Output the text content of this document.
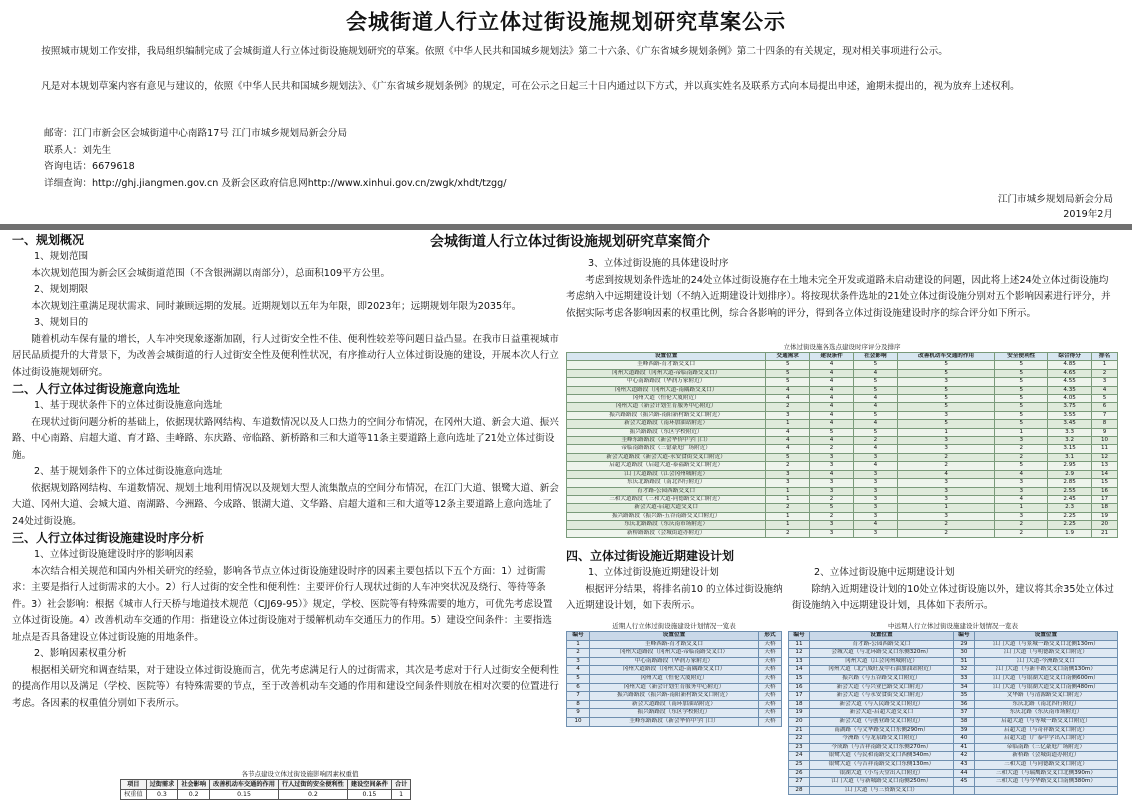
会城街道人行立体过街设施规划研究草案公示
按照城市规划工作安排，我局组织编制完成了会城街道人行立体过街设施规划研究的草案。依照《中华人民共和国城乡规划法》第二十六条、《广东省城乡规划条例》第二十四条的有关规定，现对相关事项进行公示。
凡是对本规划草案内容有意见与建议的，依照《中华人民共和国城乡规划法》、《广东省城乡规划条例》的规定，可在公示之日起三十日内通过以下方式，并以真实姓名及联系方式向本局提出申述，逾期未提出的，视为放弃上述权利。
邮寄：江门市新会区会城街道中心南路17号 江门市城乡规划局新会分局
联系人：刘先生
咨询电话：6679618
详细查询：http://ghj.jiangmen.gov.cn 及新会区政府信息网http://www.xinhui.gov.cn/zwgk/xhdt/tzgg/
江门市城乡规划局新会分局
2019年2月
会城街道人行立体过街设施规划研究草案简介
一、规划概况
1、规划范围
本次规划范围为新会区会城街道范围（不含银洲湖以南部分），总面积109平方公里。
2、规划期限
本次规划注重满足现状需求、同时兼顾远期的发展。近期规划以五年为年限，即2023年；远期规划年限为2035年。
3、规划目的
随着机动车保有量的增长，人车冲突现象逐渐加剧，行人过街安全性不佳、便利性较差等问题日益凸显。在我市日益重视城市居民品质提升的大背景下，为改善会城街道的行人过街安全性及便利性状况，有序推动行人立体过街设施的建设，开展本次人行立体过街设施规划研究。
二、人行立体过街设施意向选址
1、基于现状条件下的立体过街设施意向选址
在现状过街问题分析的基础上，依据现状路网结构、车道数情况以及人口热力的空间分布情况，在冈州大道、新会大道、振兴路、中心南路、启超大道、育才路、圭峰路、东庆路、帝临路、新桥路和三和大道等11条主要道路上意向选址了21处立体过街设施。
2、基于规划条件下的立体过街设施意向选址
依据规划路网结构、车道数情况、规划土地利用情况以及规划大型人流集散点的空间分布情况，在江门大道、银鹭大道、新会大道、冈州大道、会城大道、南湖路、今洲路、今成路、银湖大道、文华路、启超大道和三和大道等12条主要道路上意向选址了24处过街设施。
三、人行立体过街设施建设时序分析
1、立体过街设施建设时序的影响因素
本次结合相关规范和国内外相关研究的经验，影响各节点立体过街设施建设时序的因素主要包括以下五个方面：1）过街需求：主要是指行人过街需求的大小。2）行人过街的安全性和便利性：主要评价行人现状过街的人车冲突状况及绕行、等待等条件。3）社会影响：根据《城市人行天桥与地道技术规范（CJJ69-95）》规定，学校、医院等有特殊需要的地方，可优先考虑设置立体过街设施。4）改善机动车交通的作用：指建设立体过街设施对于缓解机动车交通压力的作用。5）建设空间条件：主要指选址点是否具备建设立体过街设施的用地条件。
2、影响因素权重分析
根据相关研究和调查结果，对于建设立体过街设施而言，优先考虑满足行人的过街需求，其次是考虑对于行人过街安全便利性的提高作用以及满足（学校、医院等）有特殊需要的节点，至于改善机动车交通的作用和建设空间条件则放在相对次要的位置进行考虑。各因素的权重值分别如下表所示。
各节点建设立体过街设施影响因素权重值
项目	过街需求	社会影响	改善机动车交通的作用	行人过街的安全便利性	建设空间条件	合计
权重值	0.3	0.2	0.15	0.2	0.15	1
3、立体过街设施的具体建设时序
考虑到按规划条件选址的24处立体过街设施存在土地未完全开发或道路未启动建设的问题，因此将上述24处立体过街设施均考虑纳入中远期建设计划（不纳入近期建设计划排序）。将按现状条件选址的21处立体过街设施分别对五个影响因素进行评分，并依据实际考虑各影响因素的权重比例，综合各影响的评分，得到各立体过街设施建设时序的综合评分如下所示。
立体过街设施各选点建设时序评分及排序
设置位置	交通需求	建设条件	社会影响	改善机动车交通的作用	安全便利性	综合得分	排名
圭峰西路-育才路交叉口	5	4	5	5	5	4.85	1
冈州大道路段（冈州大道-帝临南路交叉口）	5	4	4	5	5	4.65	2
中心南路路段（华润万家附近）	5	4	5	3	5	4.55	3
冈州大道路段（冈州大道-南隅路交叉口）	4	4	5	5	5	4.35	4
冈州大道（恒伦大厦附近）	4	4	4	5	5	4.05	5
冈州大道（新会计划生育服务中心附近）	2	4	4	5	5	3.75	6
振兴路路段（振兴路-南阳新村路交叉口附近）	3	4	5	3	5	3.55	7
新会大道路段（南环加油站附近）	1	4	4	5	5	3.45	8
振兴路路段（东区学校附近）	4	5	5	1	1	3.3	9
圭峰东路路段（新会华侨中学门口）	4	4	2	3	3	3.2	10
帝临南路路段（三億豪庭广场附近）	4	2	4	3	2	3.15	11
新会大道路段（新会大道-永安食街交叉口附近）	5	3	3	2	2	3.1	12
启超大道路段（启超大道-泰福路交叉口附近）	2	3	4	2	5	2.95	13
江门大道路段（江会冈州城附近）	3	4	3	4	4	2.9	14
东庆北路路段（南北四行附近）	3	3	3	3	3	2.85	15
育才路-公园西路交叉口	1	3	3	3	3	2.55	16
三和大道路段（三和大道-同德路交叉口附近）	1	2	3	3	4	2.45	17
新会大道-启超大道交叉口	2	5	3	1	1	2.3	18
振兴路路段（振兴路-五谷南路交叉口附近）	1	2	3	3	3	2.25	19
东庆北路路段（东庆南市场附近）	1	3	4	2	2	2.25	20
新桥路路段（会城街道办附近）	2	3	3	2	2	1.9	21
四、立体过街设施近期建设计划
1、立体过街设施近期建设计划
根据评分结果，将排名前10 的立体过街设施纳入近期建设计划，如下表所示。
2、立体过街设施中远期建设计划
除纳入近期建设计划的10处立体过街设施以外，建议将其余35处立体过街设施纳入中远期建设计划，具体如下表所示。
近期人行立体过街设施建设计划情况一览表
编号	设置位置	形式
1	圭峰西路-育才路交叉口	天桥
2	冈州大道路段（冈州大道-帝临南路交叉口）	天桥
3	中心南路路段（华润万家附近）	天桥
4	冈州大道路段（冈州大道-南隅路交叉口）	天桥
5	冈州大道（恒伦大厦附近）	天桥
6	冈州大道（新会计划生育服务中心附近）	天桥
7	振兴路路段（振兴路-南阳新村路交叉口附近）	天桥
8	新会大道路段（南环加油站附近）	天桥
9	振兴路路段（东区学校附近）	天桥
10	圭峰东路路段（新会华侨中学门口）	天桥
中远期人行立体过街设施建设计划情况一览表
编号	设置位置	编号	设置位置
11	育才路-公园西路交叉口	29	江门大道（与景城一路交叉口北侧130m）
12	会城大道（与北环路交叉口东侧320m）	30	江门大道（与明德路交叉口附近）
13	冈州大道（江会冈州城附近）	31	江门大道-今洲路交叉口
14	冈州大道（北汽威旺及中石油加油站附近）	32	江门大道（与新丰路交叉口南侧130m）
15	振兴路（与五谷路交叉口附近）	33	江门大道（与银湖大道交叉口南侧600m）
16	新会大道（与兴业巴路交叉口附近）	34	江门大道（与银湖大道交叉口南侧480m）
17	新会大道（与永安食街交叉口附近）	35	文华路（与清源路交叉口附近）
18	新会大道（与人民路交叉口附近）	36	东庆北路（南北四行附近）
19	新会大道-启超大道交叉口	37	东庆北路（东庆南市场附近）
20	新会大道（与创业路交叉口附近）	38	启超大道（与等城一路交叉口附近）
21	南湖路（与文华路交叉口东侧290m）	39	启超大道（与奇祥路交叉口附近）
22	今洲路（与龙泉路交叉口附近）	40	启超大道（广泰中学出入口附近）
23	今成路（与吉祥南路交叉口东侧270m）	41	帝临南路（三亿豪庭广场附近）
24	银鹭大道（与民和南路交叉口西侧340m）	42	新桥路（会城街道办附近）
25	银鹭大道（与吉祥南路交叉口东侧130m）	43	三和大道（与同德路交叉口附近）
26	银湖大道（小鸟天堂出入口附近）	44	三和大道（与瑞鹰路交叉口北侧390m）
27	江门大道（与新城路交叉口南侧250m）	45	三和大道（与今华路交叉口南侧380m）
28	江门大道（与三资路交叉口）		
